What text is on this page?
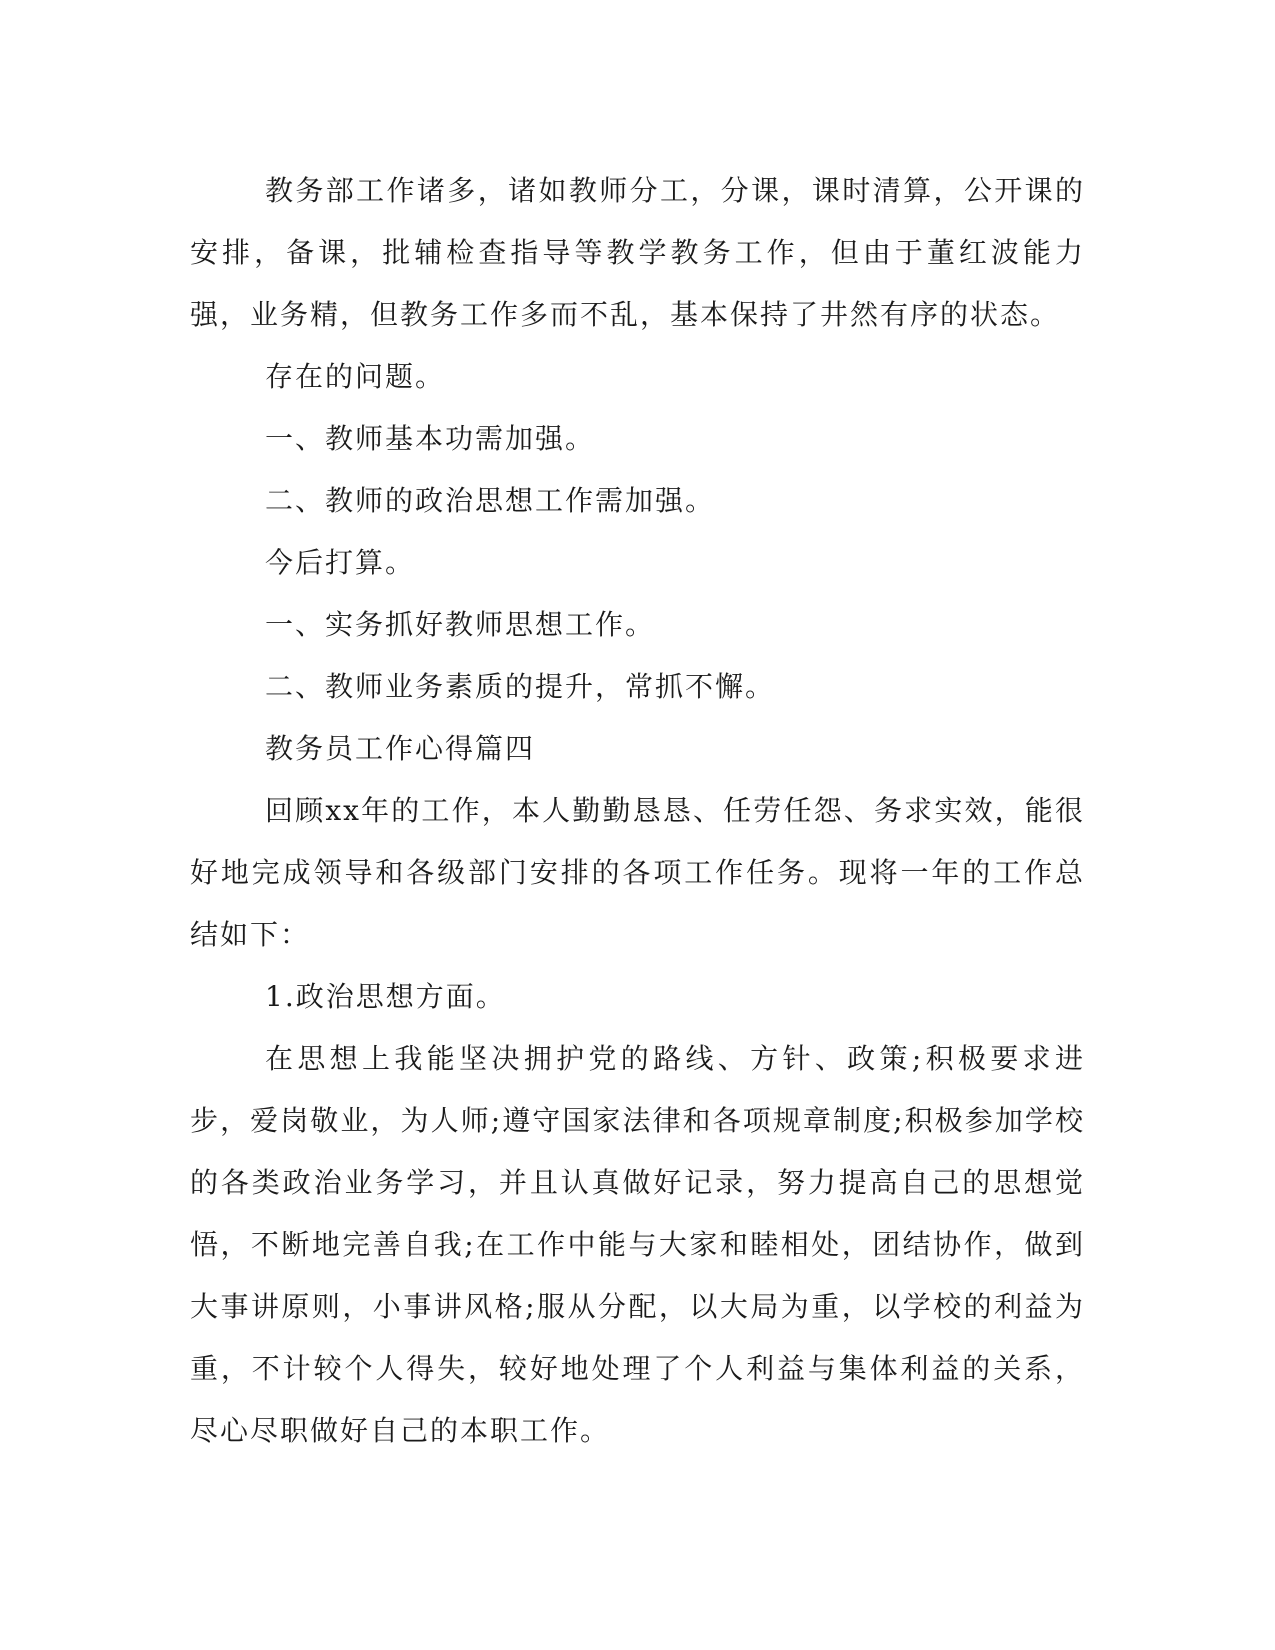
教务部工作诸多，诸如教师分工，分课，课时清算，公开课的安排，备课，批辅检查指导等教学教务工作，但由于董红波能力强，业务精，但教务工作多而不乱，基本保持了井然有序的状态。

存在的问题。

一、教师基本功需加强。

二、教师的政治思想工作需加强。

今后打算。

一、实务抓好教师思想工作。

二、教师业务素质的提升，常抓不懈。

教务员工作心得篇四

回顾xx年的工作，本人勤勤恳恳、任劳任怨、务求实效，能很好地完成领导和各级部门安排的各项工作任务。现将一年的工作总结如下：

1.政治思想方面。

在思想上我能坚决拥护党的路线、方针、政策;积极要求进步，爱岗敬业，为人师;遵守国家法律和各项规章制度;积极参加学校的各类政治业务学习，并且认真做好记录，努力提高自己的思想觉悟，不断地完善自我;在工作中能与大家和睦相处，团结协作，做到大事讲原则，小事讲风格;服从分配，以大局为重，以学校的利益为重，不计较个人得失，较好地处理了个人利益与集体利益的关系，尽心尽职做好自己的本职工作。
